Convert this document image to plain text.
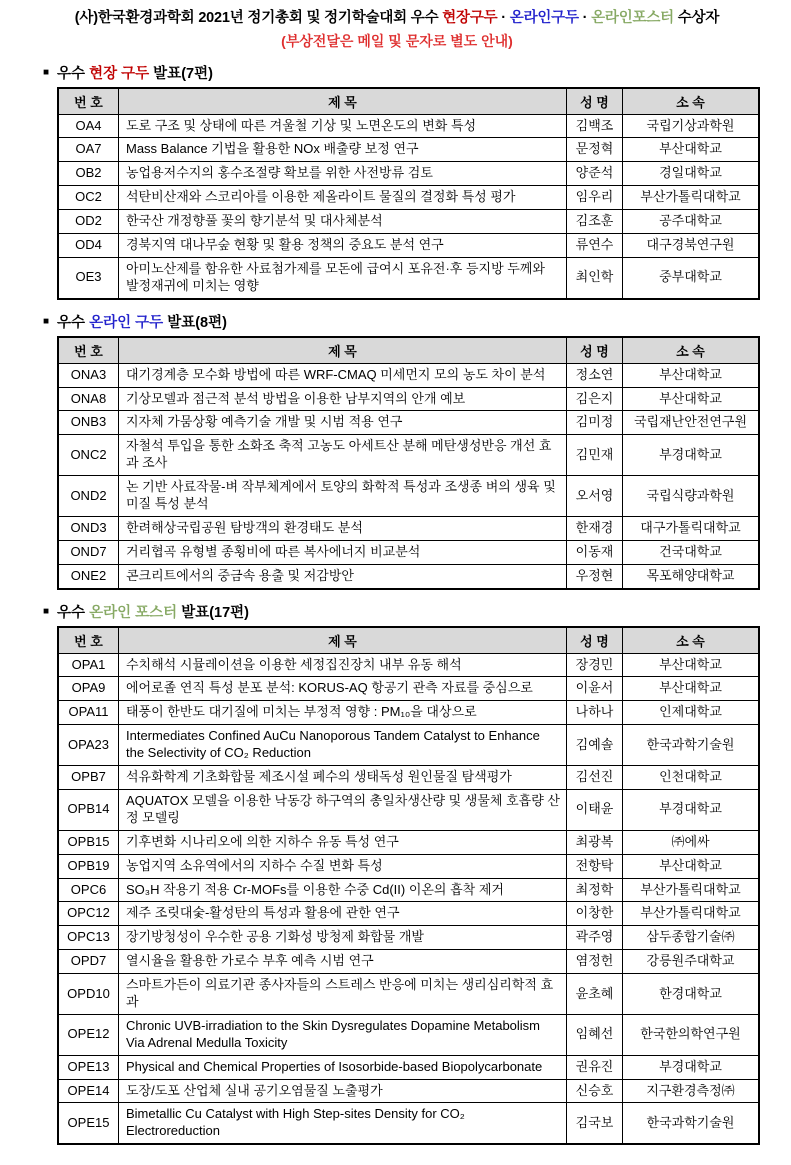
(사)한국환경과학회 2021년 정기총회 및 정기학술대회 우수 현장구두 · 온라인구두 · 온라인포스터 수상자
(부상전달은 메일 및 문자로 별도 안내)
■ 우수 현장 구두 발표(7편)
번 호	제 목	성 명	소 속
OA4	도로 구조 및 상태에 따른 겨울철 기상 및 노면온도의 변화 특성	김백조	국립기상과학원
OA7	Mass Balance 기법을 활용한 NOx 배출량 보정 연구	문정혁	부산대학교
OB2	농업용저수지의 홍수조절량 확보를 위한 사전방류 검토	양준석	경일대학교
OC2	석탄비산재와 스코리아를 이용한 제올라이트 물질의 결정화 특성 평가	임우리	부산가톨릭대학교
OD2	한국산 개정향풀 꽃의 향기분석 및 대사체분석	김조훈	공주대학교
OD4	경북지역 대나무숲 현황 및 활용 정책의 중요도 분석 연구	류연수	대구경북연구원
OE3	아미노산제를 함유한 사료첨가제를 모돈에 급여시 포유전·후 등지방 두께와 발정재귀에 미치는 영향	최인학	중부대학교
■ 우수 온라인 구두 발표(8편)
번 호	제 목	성 명	소 속
ONA3	대기경계층 모수화 방법에 따른 WRF-CMAQ 미세먼지 모의 농도 차이 분석	정소연	부산대학교
ONA8	기상모델과 점근적 분석 방법을 이용한 남부지역의 안개 예보	김은지	부산대학교
ONB3	지자체 가뭄상황 예측기술 개발 및 시범 적용 연구	김미정	국립재난안전연구원
ONC2	자철석 투입을 통한 소화조 축적 고농도 아세트산 분해 메탄생성반응 개선 효과 조사	김민재	부경대학교
OND2	논 기반 사료작물-벼 작부체계에서 토양의 화학적 특성과 조생종 벼의 생육 및 미질 특성 분석	오서영	국립식량과학원
OND3	한려해상국립공원 탐방객의 환경태도 분석	한재경	대구가톨릭대학교
OND7	거리협곡 유형별 종횡비에 따른 복사에너지 비교분석	이동재	건국대학교
ONE2	콘크리트에서의 중금속 용출 및 저감방안	우정현	목포해양대학교
■ 우수 온라인 포스터 발표(17편)
번 호	제 목	성 명	소 속
OPA1	수치해석 시뮬레이션을 이용한 세정집진장치 내부 유동 해석	장경민	부산대학교
OPA9	에어로졸 연직 특성 분포 분석: KORUS-AQ 항공기 관측 자료를 중심으로	이윤서	부산대학교
OPA11	태풍이 한반도 대기질에 미치는 부정적 영향 : PM₁₀을 대상으로	나하나	인제대학교
OPA23	Intermediates Confined AuCu Nanoporous Tandem Catalyst to Enhance the Selectivity of CO₂ Reduction	김예솔	한국과학기술원
OPB7	석유화학계 기초화합물 제조시설 폐수의 생태독성 원인물질 탐색평가	김선진	인천대학교
OPB14	AQUATOX 모델을 이용한 낙동강 하구역의 총일차생산량 및 생물체 호흡량 산정 모델링	이태윤	부경대학교
OPB15	기후변화 시나리오에 의한 지하수 유동 특성 연구	최광복	㈜에싸
OPB19	농업지역 소유역에서의 지하수 수질 변화 특성	전항탁	부산대학교
OPC6	SO₃H 작용기 적용 Cr-MOFs를 이용한 수중 Cd(II) 이온의 흡착 제거	최정학	부산가톨릭대학교
OPC12	제주 조릿대숯-활성탄의 특성과 활용에 관한 연구	이창한	부산가톨릭대학교
OPC13	장기방청성이 우수한 공용 기화성 방청제 화합물 개발	곽주영	삼두종합기술㈜
OPD7	열시율을 활용한 가로수 부후 예측 시범 연구	염정헌	강릉원주대학교
OPD10	스마트가든이 의료기관 종사자들의 스트레스 반응에 미치는 생리심리학적 효과	윤초혜	한경대학교
OPE12	Chronic UVB-irradiation to the Skin Dysregulates Dopamine Metabolism Via Adrenal Medulla Toxicity	임혜선	한국한의학연구원
OPE13	Physical and Chemical Properties of Isosorbide-based Biopolycarbonate	권유진	부경대학교
OPE14	도장/도포 산업체 실내 공기오염물질 노출평가	신승호	지구환경측정㈜
OPE15	Bimetallic Cu Catalyst with High Step-sites Density for CO₂ Electroreduction	김국보	한국과학기술원
